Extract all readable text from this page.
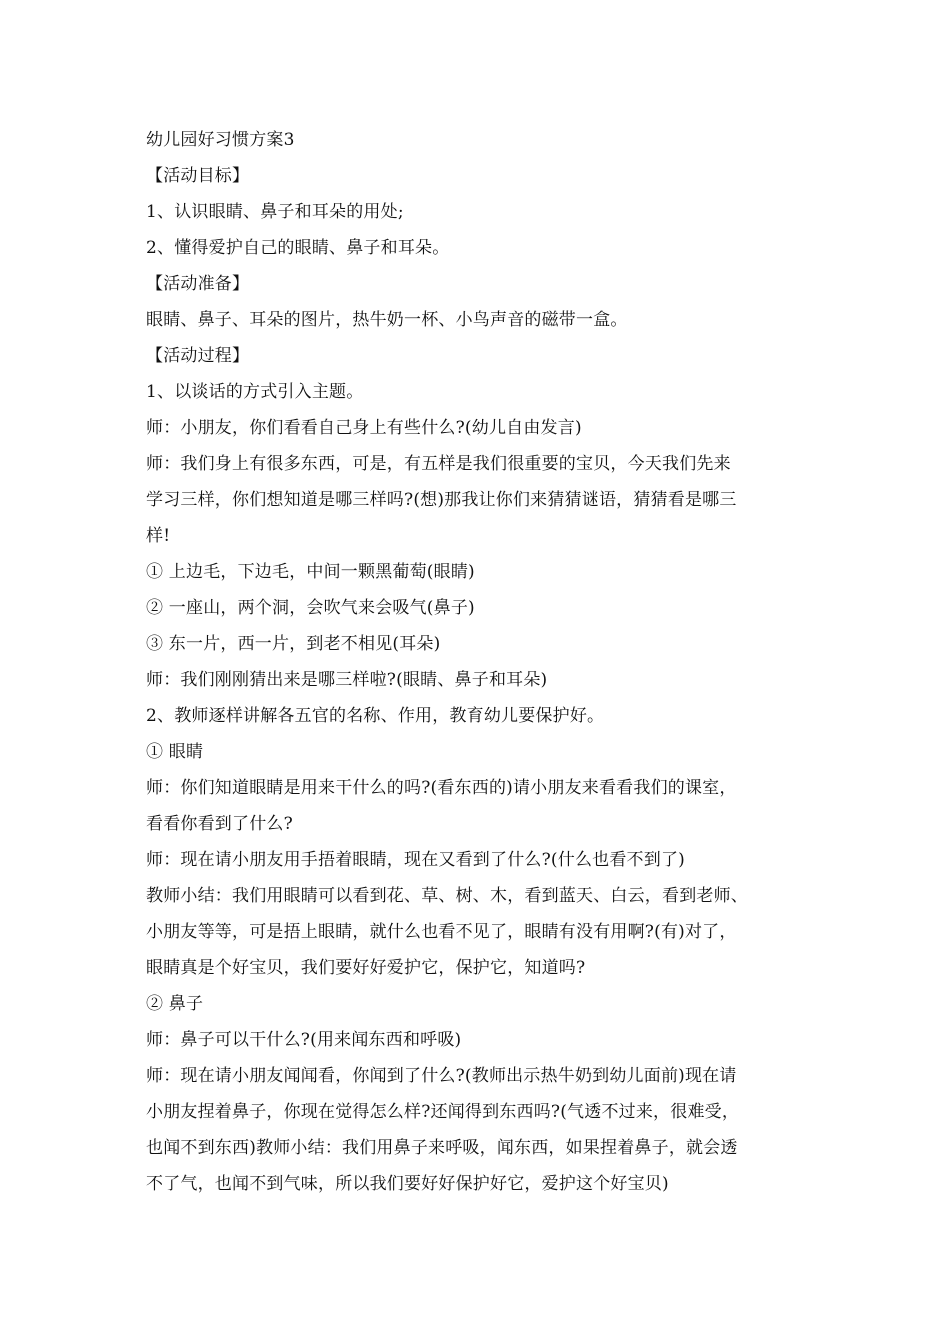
幼儿园好习惯方案3
【活动目标】
1、认识眼睛、鼻子和耳朵的用处;
2、懂得爱护自己的眼睛、鼻子和耳朵。
【活动准备】
眼睛、鼻子、耳朵的图片，热牛奶一杯、小鸟声音的磁带一盒。
【活动过程】
1、以谈话的方式引入主题。
师：小朋友，你们看看自己身上有些什么?(幼儿自由发言)
师：我们身上有很多东西，可是，有五样是我们很重要的宝贝，今天我们先来
学习三样，你们想知道是哪三样吗?(想)那我让你们来猜猜谜语，猜猜看是哪三
样!
① 上边毛，下边毛，中间一颗黑葡萄(眼睛)
② 一座山，两个洞，会吹气来会吸气(鼻子)
③ 东一片，西一片，到老不相见(耳朵)
师：我们刚刚猜出来是哪三样啦?(眼睛、鼻子和耳朵)
2、教师逐样讲解各五官的名称、作用，教育幼儿要保护好。
① 眼睛
师：你们知道眼睛是用来干什么的吗?(看东西的)请小朋友来看看我们的课室，
看看你看到了什么?
师：现在请小朋友用手捂着眼睛，现在又看到了什么?(什么也看不到了)
教师小结：我们用眼睛可以看到花、草、树、木，看到蓝天、白云，看到老师、
小朋友等等，可是捂上眼睛，就什么也看不见了，眼睛有没有用啊?(有)对了，
眼睛真是个好宝贝，我们要好好爱护它，保护它，知道吗?
② 鼻子
师：鼻子可以干什么?(用来闻东西和呼吸)
师：现在请小朋友闻闻看，你闻到了什么?(教师出示热牛奶到幼儿面前)现在请
小朋友捏着鼻子，你现在觉得怎么样?还闻得到东西吗?(气透不过来，很难受，
也闻不到东西)教师小结：我们用鼻子来呼吸，闻东西，如果捏着鼻子，就会透
不了气，也闻不到气味，所以我们要好好保护好它，爱护这个好宝贝)
